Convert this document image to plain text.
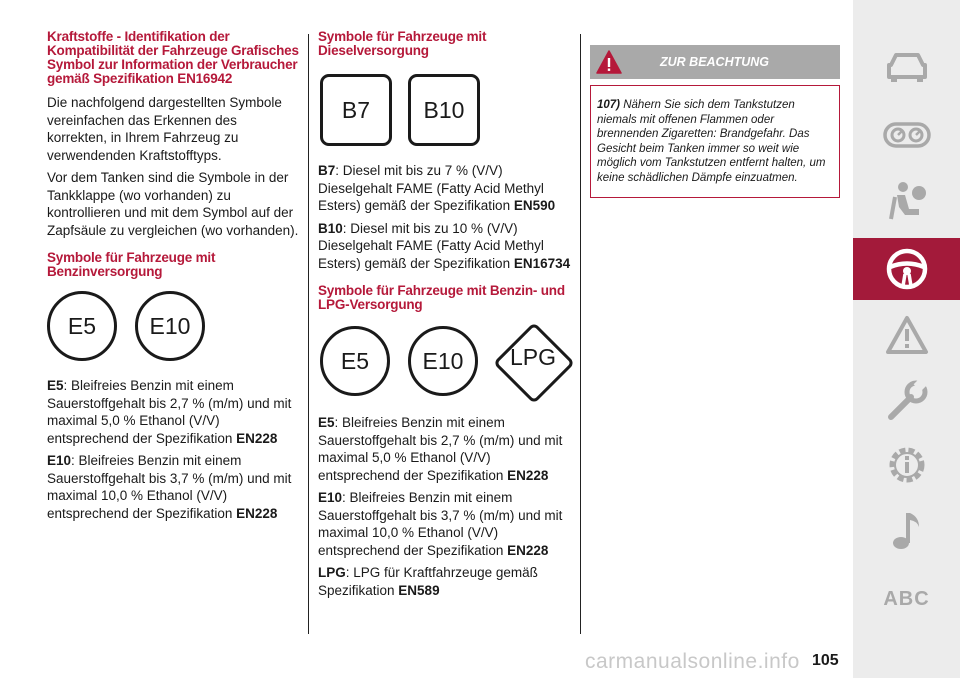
Kraftstoffe - Identifikation der Kompatibilität der Fahrzeuge Grafisches Symbol zur Information der Verbraucher gemäß Spezifikation EN16942

Die nachfolgend dargestellten Symbole vereinfachen das Erkennen des korrekten, in Ihrem Fahrzeug zu verwendenden Kraftstofftyps.

Vor dem Tanken sind die Symbole in der Tankklappe (wo vorhanden) zu kontrollieren und mit dem Symbol auf der Zapfsäule zu vergleichen (wo vorhanden).

Symbole für Fahrzeuge mit Benzinversorgung
E5	E10

E5: Bleifreies Benzin mit einem Sauerstoffgehalt bis 2,7 % (m/m) und mit maximal 5,0 % Ethanol (V/V) entsprechend der Spezifikation EN228

E10: Bleifreies Benzin mit einem Sauerstoffgehalt bis 3,7 % (m/m) und mit maximal 10,0 % Ethanol (V/V) entsprechend der Spezifikation EN228

Symbole für Fahrzeuge mit Dieselversorgung
B7	B10

B7: Diesel mit bis zu 7 % (V/V) Dieselgehalt FAME (Fatty Acid Methyl Esters) gemäß der Spezifikation EN590

B10: Diesel mit bis zu 10 % (V/V) Dieselgehalt FAME (Fatty Acid Methyl Esters) gemäß der Spezifikation EN16734

Symbole für Fahrzeuge mit Benzin- und LPG-Versorgung
E5	E10	LPG

E5: Bleifreies Benzin mit einem Sauerstoffgehalt bis 2,7 % (m/m) und mit maximal 5,0 % Ethanol (V/V) entsprechend der Spezifikation EN228

E10: Bleifreies Benzin mit einem Sauerstoffgehalt bis 3,7 % (m/m) und mit maximal 10,0 % Ethanol (V/V) entsprechend der Spezifikation EN228

LPG: LPG für Kraftfahrzeuge gemäß Spezifikation EN589

ZUR BEACHTUNG

107) Nähern Sie sich dem Tankstutzen niemals mit offenen Flammen oder brennenden Zigaretten: Brandgefahr. Das Gesicht beim Tanken immer so weit wie möglich vom Tankstutzen entfernt halten, um keine schädlichen Dämpfe einzuatmen.

ABC
carmanualsonline.info 105
